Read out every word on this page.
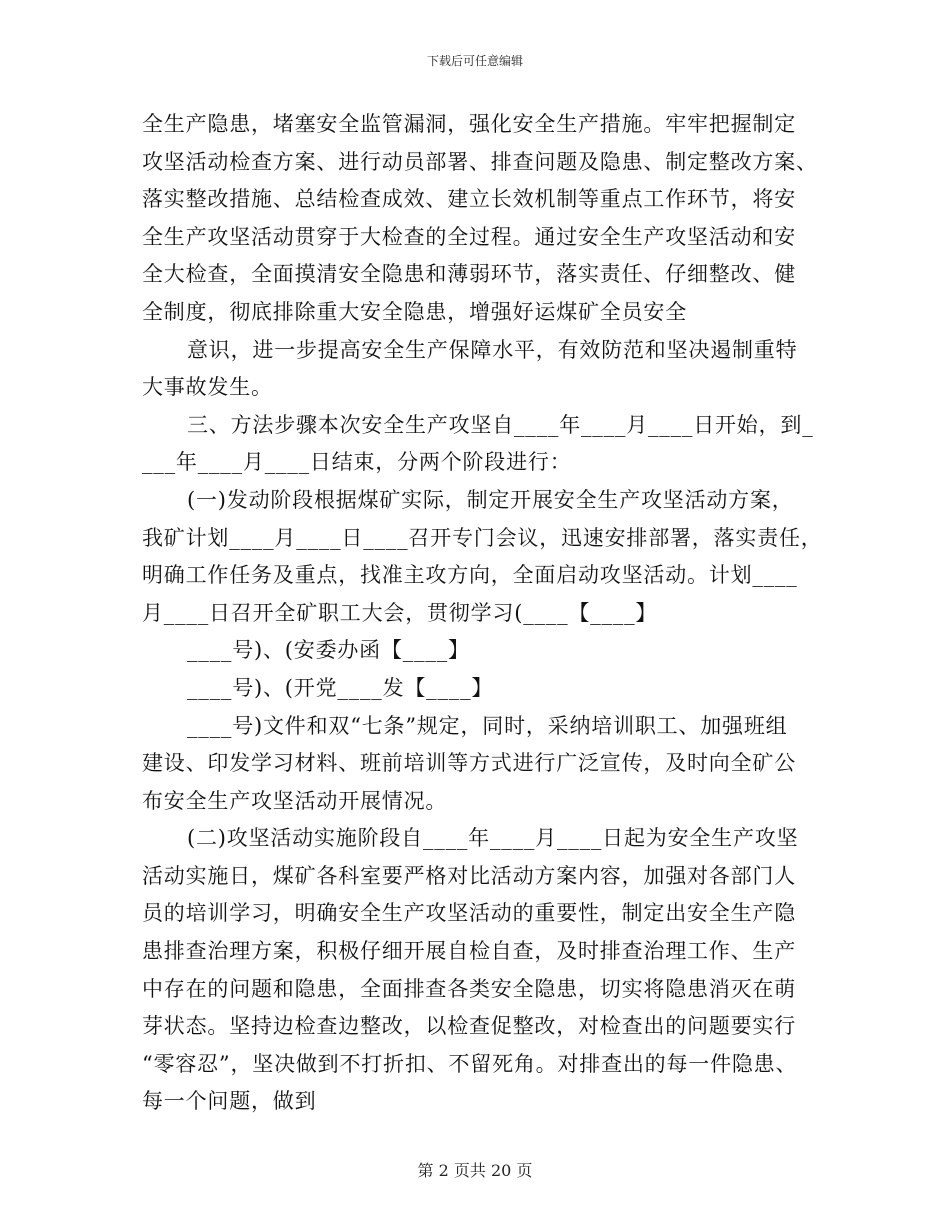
下载后可任意编辑

全生产隐患，堵塞安全监管漏洞，强化安全生产措施。牢牢把握制定
攻坚活动检查方案、进行动员部署、排查问题及隐患、制定整改方案、
落实整改措施、总结检查成效、建立长效机制等重点工作环节，将安
全生产攻坚活动贯穿于大检查的全过程。通过安全生产攻坚活动和安
全大检查，全面摸清安全隐患和薄弱环节，落实责任、仔细整改、健
全制度，彻底排除重大安全隐患，增强好运煤矿全员安全

意识，进一步提高安全生产保障水平，有效防范和坚决遏制重特
大事故发生。

三、方法步骤本次安全生产攻坚自____年____月____日开始，到_
___年____月____日结束，分两个阶段进行：

(一)发动阶段根据煤矿实际，制定开展安全生产攻坚活动方案，
我矿计划____月____日____召开专门会议，迅速安排部署，落实责任，
明确工作任务及重点，找准主攻方向，全面启动攻坚活动。计划____
月____日召开全矿职工大会，贯彻学习(____【____】

____号)、(安委办函【____】

____号)、(开党____发【____】

____号)文件和双“七条”规定，同时，采纳培训职工、加强班组
建设、印发学习材料、班前培训等方式进行广泛宣传，及时向全矿公
布安全生产攻坚活动开展情况。

(二)攻坚活动实施阶段自____年____月____日起为安全生产攻坚
活动实施日，煤矿各科室要严格对比活动方案内容，加强对各部门人
员的培训学习，明确安全生产攻坚活动的重要性，制定出安全生产隐
患排查治理方案，积极仔细开展自检自查，及时排查治理工作、生产
中存在的问题和隐患，全面排查各类安全隐患，切实将隐患消灭在萌
芽状态。坚持边检查边整改，以检查促整改，对检查出的问题要实行
“零容忍”，坚决做到不打折扣、不留死角。对排查出的每一件隐患、
每一个问题，做到

第 2 页共 20 页
